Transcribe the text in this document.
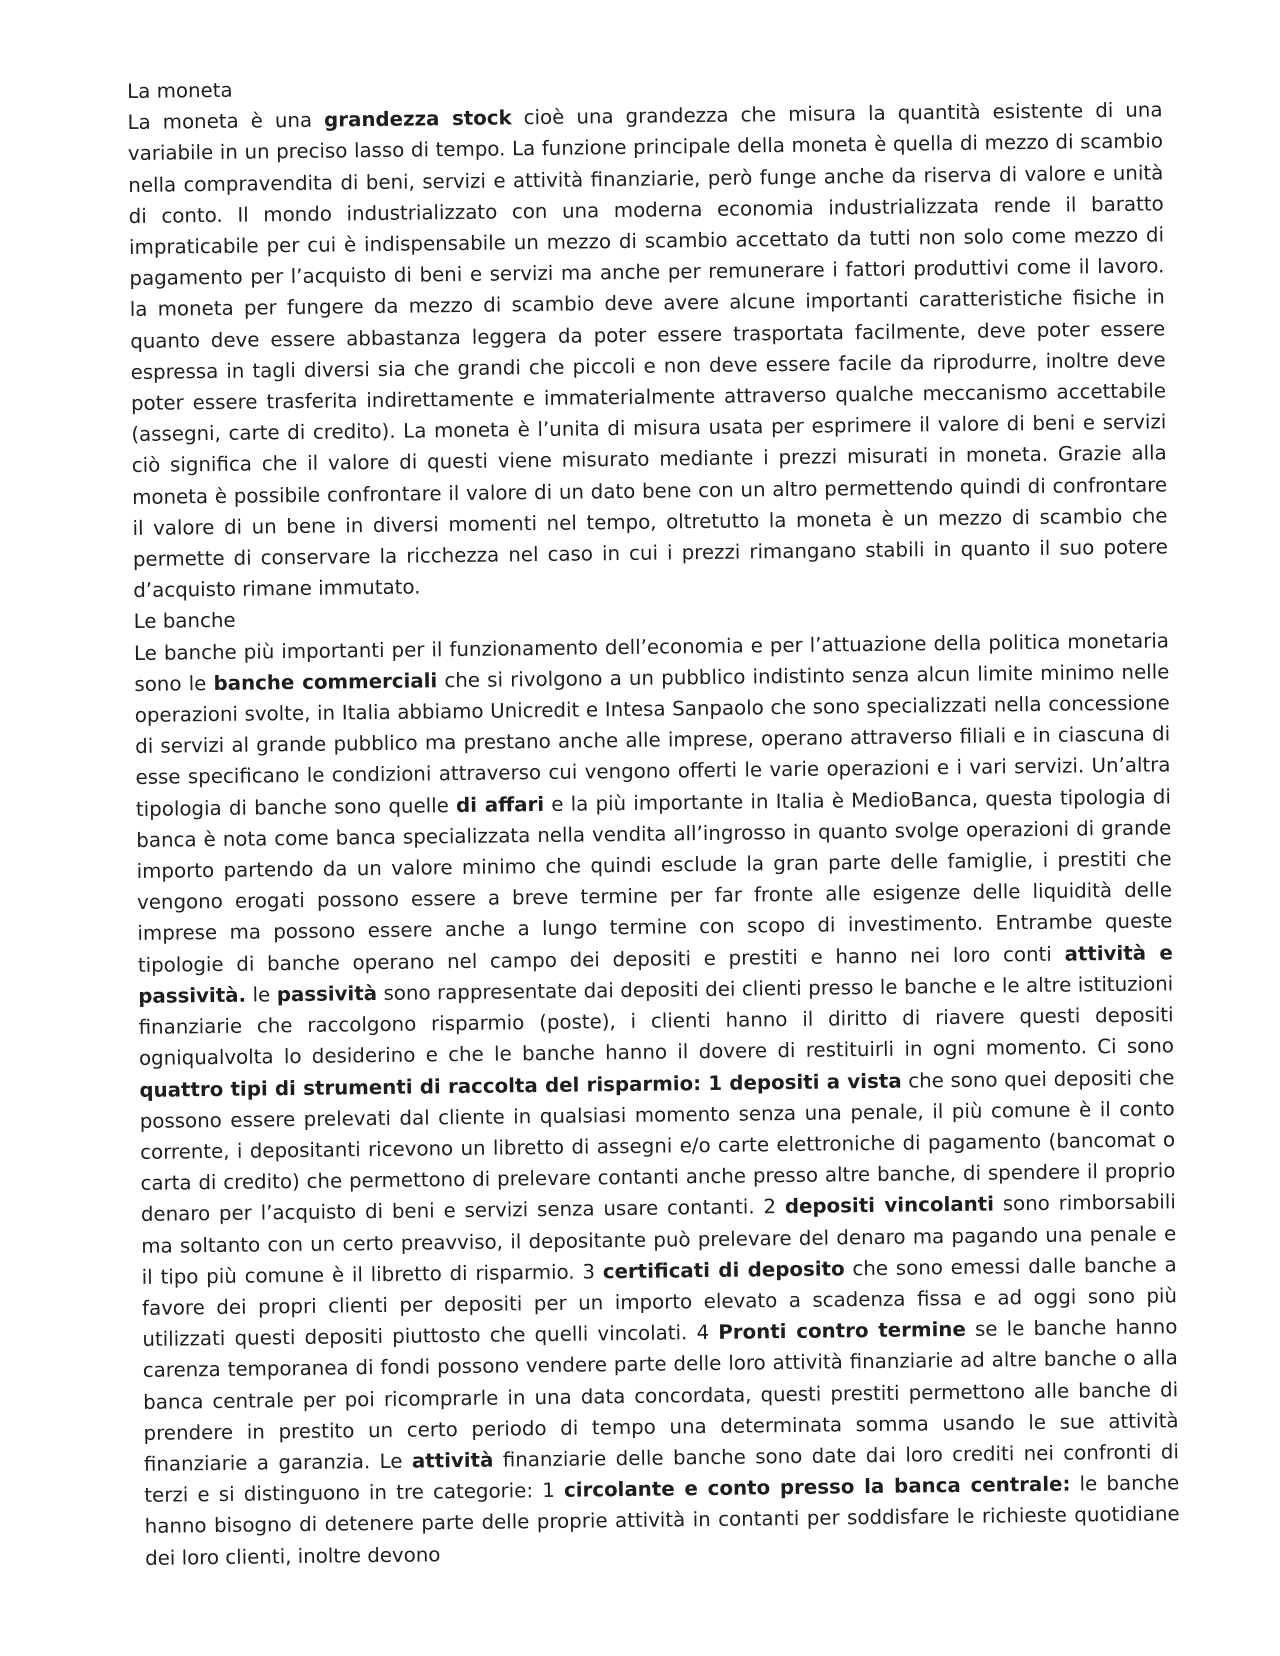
La moneta

La moneta è una grandezza stock cioè una grandezza che misura la quantità esistente di una variabile in un preciso lasso di tempo. La funzione principale della moneta è quella di mezzo di scambio nella compravendita di beni, servizi e attività finanziarie, però funge anche da riserva di valore e unità di conto. Il mondo industrializzato con una moderna economia industrializzata rende il baratto impraticabile per cui è indispensabile un mezzo di scambio accettato da tutti non solo come mezzo di pagamento per l’acquisto di beni e servizi ma anche per remunerare i fattori produttivi come il lavoro. la moneta per fungere da mezzo di scambio deve avere alcune importanti caratteristiche fisiche in quanto deve essere abbastanza leggera da poter essere trasportata facilmente, deve poter essere espressa in tagli diversi sia che grandi che piccoli e non deve essere facile da riprodurre, inoltre deve poter essere trasferita indirettamente e immaterialmente attraverso qualche meccanismo accettabile (assegni, carte di credito). La moneta è l’unita di misura usata per esprimere il valore di beni e servizi ciò significa che il valore di questi viene misurato mediante i prezzi misurati in moneta. Grazie alla moneta è possibile confrontare il valore di un dato bene con un altro permettendo quindi di confrontare il valore di un bene in diversi momenti nel tempo, oltretutto la moneta è un mezzo di scambio che permette di conservare la ricchezza nel caso in cui i prezzi rimangano stabili in quanto il suo potere d’acquisto rimane immutato.

Le banche

Le banche più importanti per il funzionamento dell’economia e per l’attuazione della politica monetaria sono le banche commerciali che si rivolgono a un pubblico indistinto senza alcun limite minimo nelle operazioni svolte, in Italia abbiamo Unicredit e Intesa Sanpaolo che sono specializzati nella concessione di servizi al grande pubblico ma prestano anche alle imprese, operano attraverso filiali e in ciascuna di esse specificano le condizioni attraverso cui vengono offerti le varie operazioni e i vari servizi. Un’altra tipologia di banche sono quelle di affari e la più importante in Italia è MedioBanca, questa tipologia di banca è nota come banca specializzata nella vendita all’ingrosso in quanto svolge operazioni di grande importo partendo da un valore minimo che quindi esclude la gran parte delle famiglie, i prestiti che vengono erogati possono essere a breve termine per far fronte alle esigenze delle liquidità delle imprese ma possono essere anche a lungo termine con scopo di investimento. Entrambe queste tipologie di banche operano nel campo dei depositi e prestiti e hanno nei loro conti attività e passività. le passività sono rappresentate dai depositi dei clienti presso le banche e le altre istituzioni finanziarie che raccolgono risparmio (poste), i clienti hanno il diritto di riavere questi depositi ogniqualvolta lo desiderino e che le banche hanno il dovere di restituirli in ogni momento. Ci sono quattro tipi di strumenti di raccolta del risparmio: 1 depositi a vista che sono quei depositi che possono essere prelevati dal cliente in qualsiasi momento senza una penale, il più comune è il conto corrente, i depositanti ricevono un libretto di assegni e/o carte elettroniche di pagamento (bancomat o carta di credito) che permettono di prelevare contanti anche presso altre banche, di spendere il proprio denaro per l’acquisto di beni e servizi senza usare contanti. 2 depositi vincolanti sono rimborsabili ma soltanto con un certo preavviso, il depositante può prelevare del denaro ma pagando una penale e il tipo più comune è il libretto di risparmio. 3 certificati di deposito che sono emessi dalle banche a favore dei propri clienti per depositi per un importo elevato a scadenza fissa e ad oggi sono più utilizzati questi depositi piuttosto che quelli vincolati. 4 Pronti contro termine se le banche hanno carenza temporanea di fondi possono vendere parte delle loro attività finanziarie ad altre banche o alla banca centrale per poi ricomprarle in una data concordata, questi prestiti permettono alle banche di prendere in prestito un certo periodo di tempo una determinata somma usando le sue attività finanziarie a garanzia. Le attività finanziarie delle banche sono date dai loro crediti nei confronti di terzi e si distinguono in tre categorie: 1 circolante e conto presso la banca centrale: le banche hanno bisogno di detenere parte delle proprie attività in contanti per soddisfare le richieste quotidiane dei loro clienti, inoltre devono
